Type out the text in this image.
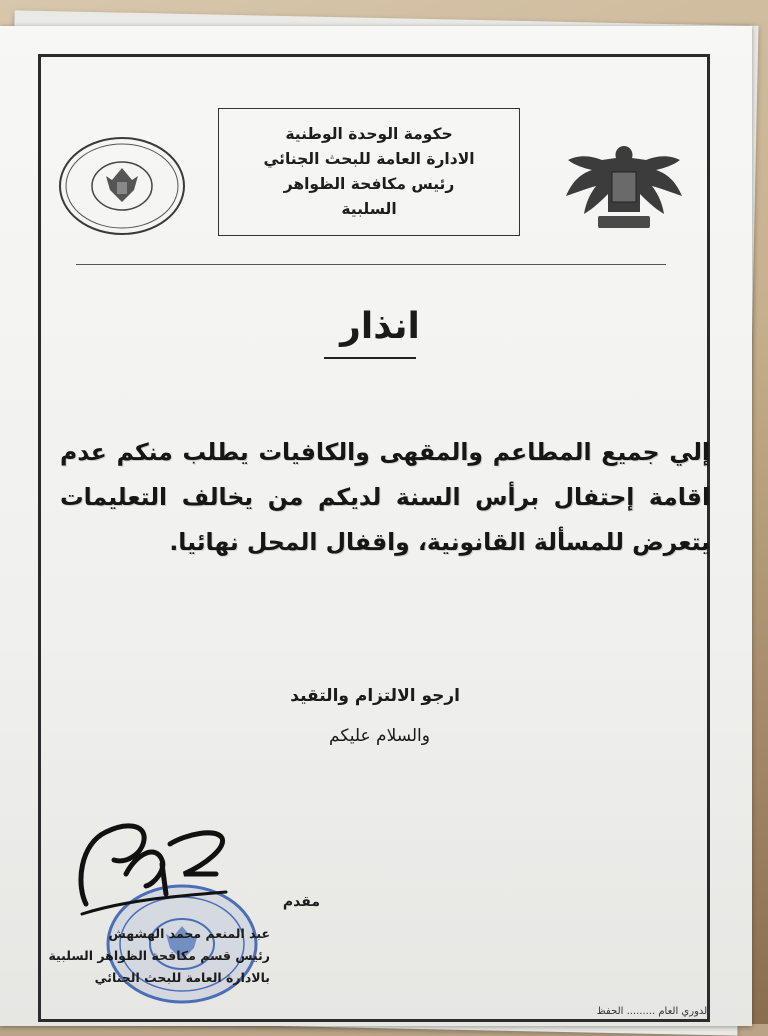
حكومة الوحدة الوطنية
الادارة العامة للبحث الجنائي
رئيس مكافحة الظواهر
السلبية
انذار
إلي جميع المطاعم والمقهى والكافيات يطلب منكم عدم اقامة إحتفال برأس السنة لديكم من يخالف التعليمات يتعرض للمسألة القانونية، واقفال المحل نهائيا.
ارجو الالتزام والتقيد
والسلام عليكم
مقدم
عبد المنعم محمد الهشهش
رئيس قسم مكافحة الظواهر السلبية
بالادارة العامة للبحث الجنائي
الدوري العام ......... الحفظ
